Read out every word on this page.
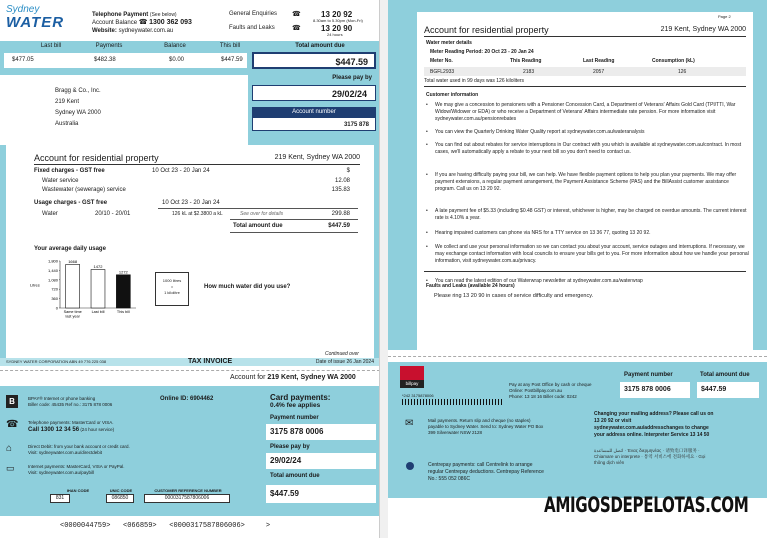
Sydney
WATER	Telephone Payment (See below)
Account Balance ☎ 1300 362 093
Website: sydneywater.com.au
General Enquiries ☎	13 20 92
8.30am to 5.30pm (Mon-Fri)
Faults and Leaks ☎	13 20 90
24 hours
Last bill	Payments	Balance	This bill	Total amount due
$477.05	$482.38	$0.00	$447.59	$447.59
Bragg & Co., Inc.
219 Kent
Sydney WA 2000
Australia
Please pay by
29/02/24
Account number
3175 878
Account for residential property	219 Kent, Sydney WA 2000
Fixed charges - GST free	10 Oct 23 - 20 Jan 24	$
Water service	12.08
Wastewater (sewerage) service	135.83
Usage charges - GST free	10 Oct 23 - 20 Jan 24
Water	20/10 - 20/01	126 kL at $2.3800 a kL	See over for details	299.88
Total amount due	$447.59
Your average daily usage
1,800
1,440
1,080
720
360
0
Litres
1668
Same time
last year
1472
Last bill
1272
This bill
1000 litres
=
1 kilolitre
How much water did you use?
Continued over
SYDNEY WATER CORPORATION ABN 49 776 225 038	TAX INVOICE	Date of issue 26 Jan 2024
Account for 219 Kent, Sydney WA 2000
B	BPAY® Internet or phone banking
Biller code: 45435 Ref no.: 3175 878 0006
Online ID: 6904462	Card payments:
0.4% fee applies
☎ Telephone payments: MasterCard or VISA.
Call 1300 12 34 56 (24 hour service)
⌂	Direct Debit: from your bank account or credit card.
Visit: sydneywater.com.au/directdebit
▭	Internet payments: MasterCard, VISA or PayPal.
Visit: sydneywater.com.au/paybill
Payment number
3175 878 0006
Please pay by
29/02/24
Total amount due
$447.59
IHAN CODE
831
UNIC CODE
086850
CUSTOMER REFERENCE NUMBER
0000317587806006
<0000044759> <066859> <0000317587806006>	>
Page 2
Account for residential property	219 Kent, Sydney WA 2000
Water meter details
Meter Reading Period: 20 Oct 23 - 20 Jan 24
Meter No.	This Reading	Last Reading	Consumption (kL)
BGFL2933	2183	2057	126
Total water used in 99 days was 126 kiloliters
Customer information
• We may give a concession to pensioners with a Pensioner Concession Card, a Department of Veterans' Affairs Gold Card (TPI/TTI, War Widow/Widower or EDA) or who receive a Department of Veterans' Affairs intermediate rate pension. For more information visit sydneywater.com.au/pensionrebates
• You can view the Quarterly Drinking Water Quality report at sydneywater.com.au/wateranalysis
• You can find out about rebates for service interruptions in Our contract with you which is available at sydneywater.com.au/contract. In most cases, we'll automatically apply a rebate to your next bill so you don't need to contact us.
• If you are having difficulty paying your bill, we can help. We have flexible payment options to help you plan your payments. We may offer payment extensions, a regular payment arrangement, the Payment Assistance Scheme (PAS) and the BillAssist customer assistance program. Call us on 13 20 92.
• A late payment fee of $5.33 (including $0.48 GST) or interest, whichever is higher, may be charged on overdue amounts. The current interest rate is 4.10% a year.
• Hearing impaired customers can phone via NRS for a TTY service on 13 36 77, quoting 13 20 92.
• We collect and use your personal information so we can contact you about your account, service outages and interruptions. If necessary, we may exchange contact information with local councils to ensure your bills get to you. For more information about how we handle your personal information, visit sydneywater.com.au/privacy.
• You can read the latest edition of our Waterwrap newsletter at sydneywater.com.au/waterwrap
Faults and Leaks (available 24 hours)
Please ring 13 20 90 in cases of service difficulty and emergency.
billpay	Pay at any Post Office by cash or cheque
Online: Postbillpay.com.au
Phone: 13 18 16 Biller code: 0242
*242 3175878006
Payment number
3175 878 0006
Total amount due
$447.59
✉	Mail payments. Return slip and cheque (no staples) payable to Sydney Water. Send to: Sydney Water PO Box 399 Silverwater NSW 2128
Centrepay payments: call Centrelink to arrange regular Centrepay deductions. Centrepay Reference No.: 555 052 086C
Changing your mailing address? Please call us on 13 20 92 or visit sydneywater.com.au/addresschanges to change your address online. Interpreter Service 13 14 50
اتصل للمساعدة · Ένας διερμηνέας · 请致电口译服务 · Chiamare un interprete · 통역 서비스에 전화하세요 · Gọi thông dịch viên
AMIGOSDEPELOTAS.COM
